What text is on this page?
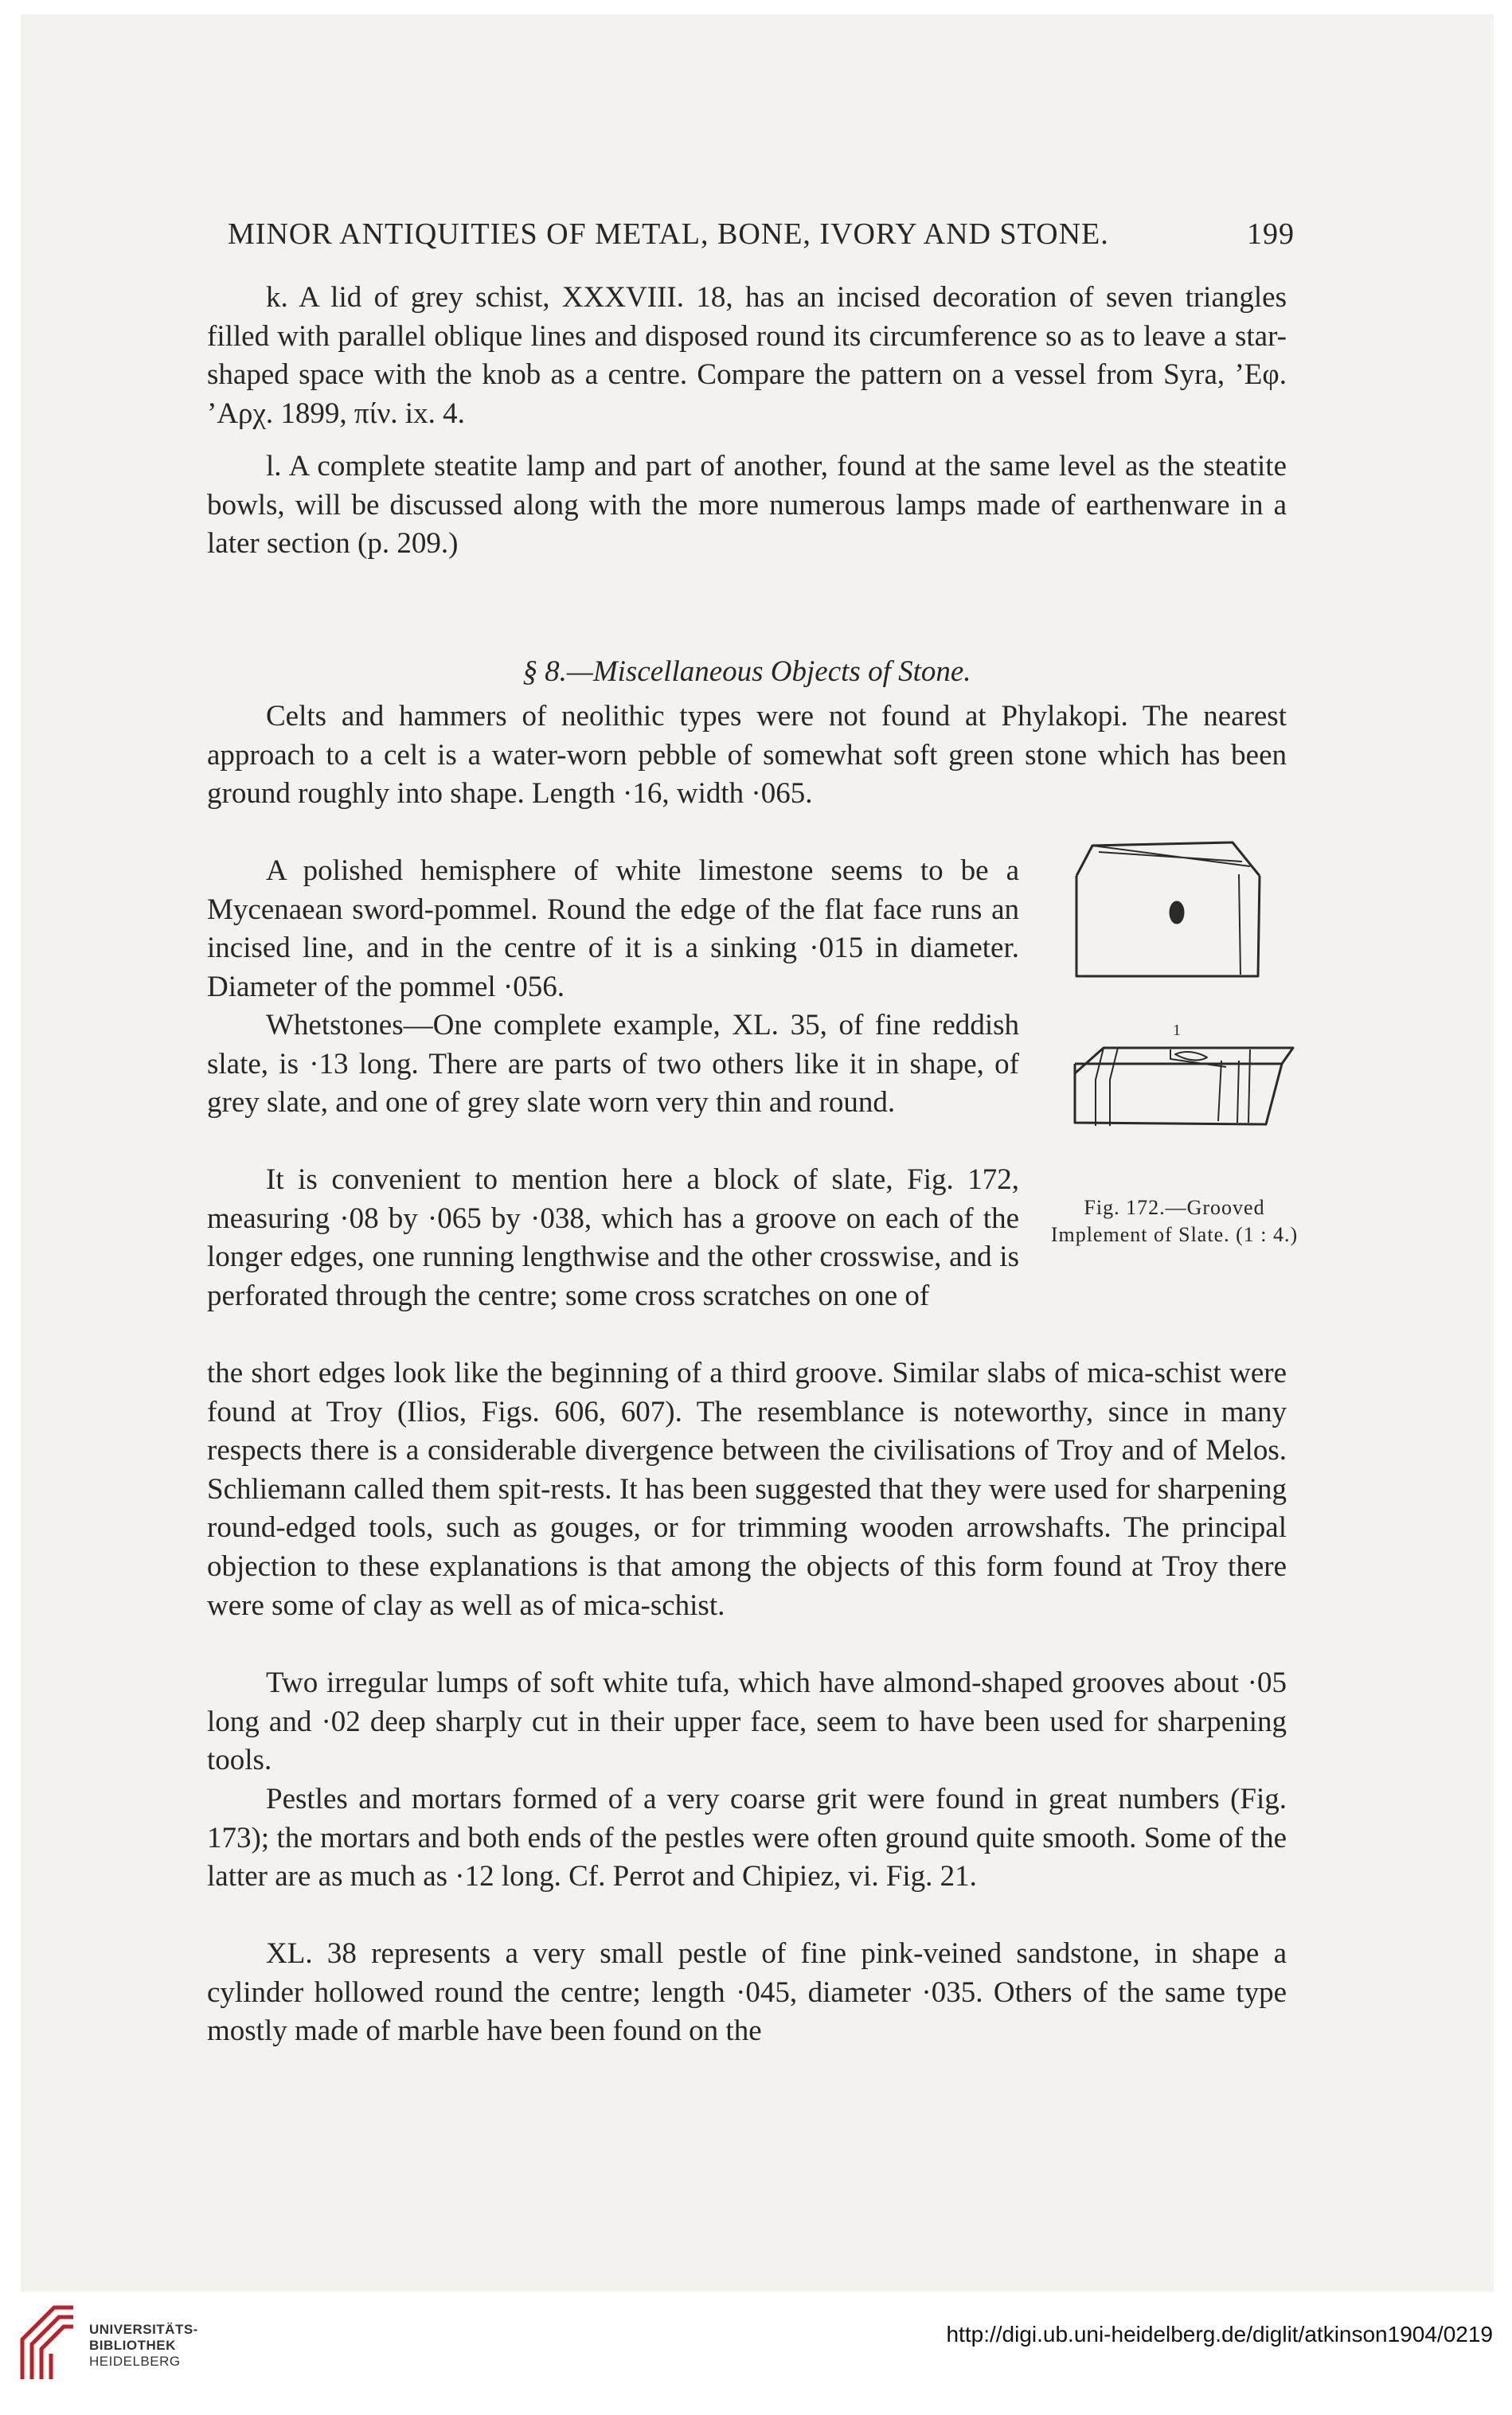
MINOR ANTIQUITIES OF METAL, BONE, IVORY AND STONE.	199

k. A lid of grey schist, XXXVIII. 18, has an incised decoration of seven triangles filled with parallel oblique lines and disposed round its circumference so as to leave a star-shaped space with the knob as a centre. Compare the pattern on a vessel from Syra, ’Eφ. ’Aρχ. 1899, πίν. ix. 4.

l. A complete steatite lamp and part of another, found at the same level as the steatite bowls, will be discussed along with the more numerous lamps made of earthenware in a later section (p. 209.)

§ 8.—Miscellaneous Objects of Stone.

Celts and hammers of neolithic types were not found at Phylakopi. The nearest approach to a celt is a water-worn pebble of somewhat soft green stone which has been ground roughly into shape. Length ·16, width ·065.

A polished hemisphere of white limestone seems to be a Mycenaean sword-pommel. Round the edge of the flat face runs an incised line, and in the centre of it is a sinking ·015 in diameter. Diameter of the pommel ·056.

Whetstones—One complete example, XL. 35, of fine reddish slate, is ·13 long. There are parts of two others like it in shape, of grey slate, and one of grey slate worn very thin and round.

It is convenient to mention here a block of slate, Fig. 172, measuring ·08 by ·065 by ·038, which has a groove on each of the longer edges, one running lengthwise and the other crosswise, and is perforated through the centre; some cross scratches on one of

the short edges look like the beginning of a third groove. Similar slabs of mica-schist were found at Troy (Ilios, Figs. 606, 607). The resemblance is noteworthy, since in many respects there is a considerable divergence between the civilisations of Troy and of Melos. Schliemann called them spit-rests. It has been suggested that they were used for sharpening round-edged tools, such as gouges, or for trimming wooden arrowshafts. The principal objection to these explanations is that among the objects of this form found at Troy there were some of clay as well as of mica-schist.

Two irregular lumps of soft white tufa, which have almond-shaped grooves about ·05 long and ·02 deep sharply cut in their upper face, seem to have been used for sharpening tools.

Pestles and mortars formed of a very coarse grit were found in great numbers (Fig. 173); the mortars and both ends of the pestles were often ground quite smooth. Some of the latter are as much as ·12 long. Cf. Perrot and Chipiez, vi. Fig. 21.

XL. 38 represents a very small pestle of fine pink-veined sandstone, in shape a cylinder hollowed round the centre; length ·045, diameter ·035. Others of the same type mostly made of marble have been found on the

1
Fig. 172.—Grooved Implement of Slate. (1 : 4.)
UNIVERSITÄTS-
BIBLIOTHEK
HEIDELBERG
http://digi.ub.uni-heidelberg.de/diglit/atkinson1904/0219
